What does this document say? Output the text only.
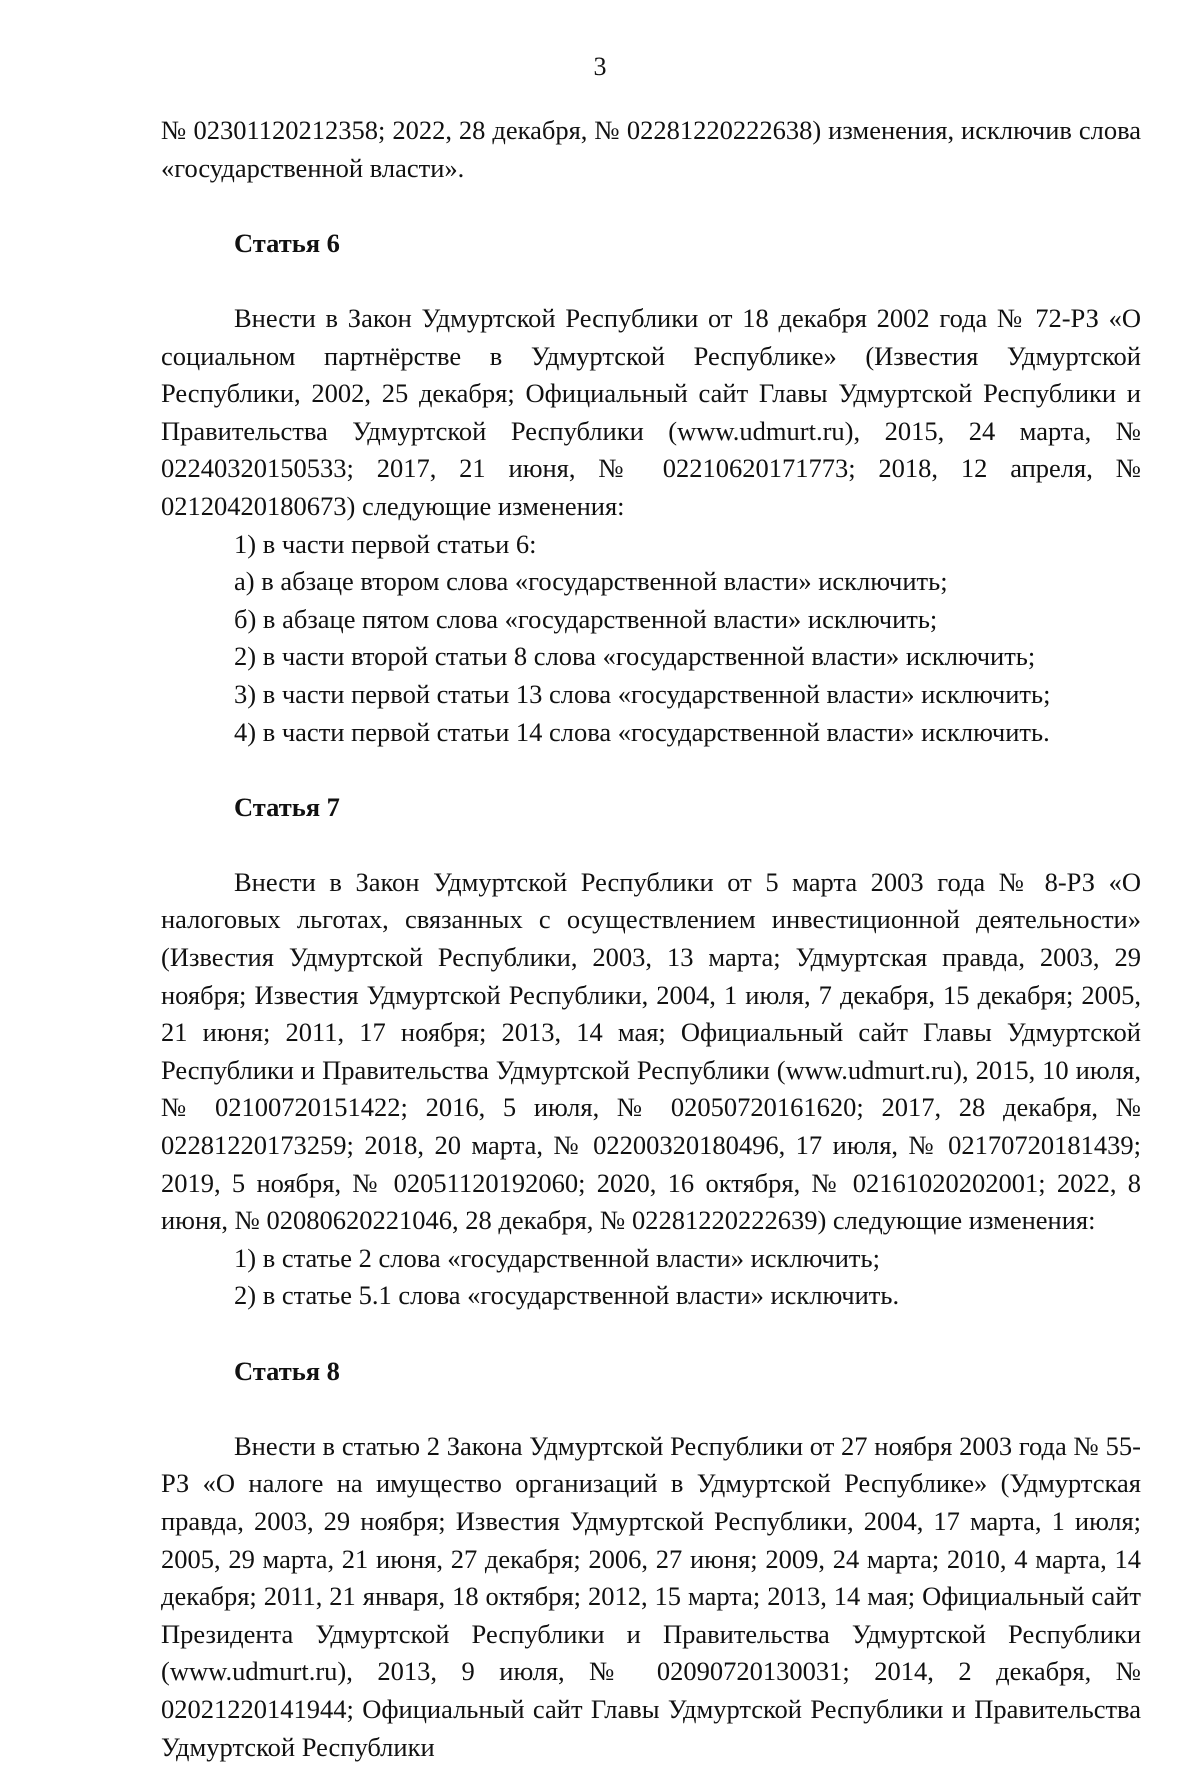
3

№ 02301120212358; 2022, 28 декабря, № 02281220222638) изменения, исключив слова «государственной власти».

Статья 6

Внести в Закон Удмуртской Республики от 18 декабря 2002 года № 72-РЗ «О социальном партнёрстве в Удмуртской Республике» (Известия Удмуртской Республики, 2002, 25 декабря; Официальный сайт Главы Удмуртской Республики и Правительства Удмуртской Республики (www.udmurt.ru), 2015, 24 марта, № 02240320150533; 2017, 21 июня, № 02210620171773; 2018, 12 апреля, № 02120420180673) следующие изменения:

1) в части первой статьи 6:

а) в абзаце втором слова «государственной власти» исключить;

б) в абзаце пятом слова «государственной власти» исключить;

2) в части второй статьи 8 слова «государственной власти» исключить;

3) в части первой статьи 13 слова «государственной власти» исключить;

4) в части первой статьи 14 слова «государственной власти» исключить.

Статья 7

Внести в Закон Удмуртской Республики от 5 марта 2003 года № 8-РЗ «О налоговых льготах, связанных с осуществлением инвестиционной деятельности» (Известия Удмуртской Республики, 2003, 13 марта; Удмуртская правда, 2003, 29 ноября; Известия Удмуртской Республики, 2004, 1 июля, 7 декабря, 15 декабря; 2005, 21 июня; 2011, 17 ноября; 2013, 14 мая; Официальный сайт Главы Удмуртской Республики и Правительства Удмуртской Республики (www.udmurt.ru), 2015, 10 июля, № 02100720151422; 2016, 5 июля, № 02050720161620; 2017, 28 декабря, № 02281220173259; 2018, 20 марта, № 02200320180496, 17 июля, № 02170720181439; 2019, 5 ноября, № 02051120192060; 2020, 16 октября, № 02161020202001; 2022, 8 июня, № 02080620221046, 28 декабря, № 02281220222639) следующие изменения:

1) в статье 2 слова «государственной власти» исключить;

2) в статье 5.1 слова «государственной власти» исключить.

Статья 8

Внести в статью 2 Закона Удмуртской Республики от 27 ноября 2003 года № 55-РЗ «О налоге на имущество организаций в Удмуртской Республике» (Удмуртская правда, 2003, 29 ноября; Известия Удмуртской Республики, 2004, 17 марта, 1 июля; 2005, 29 марта, 21 июня, 27 декабря; 2006, 27 июня; 2009, 24 марта; 2010, 4 марта, 14 декабря; 2011, 21 января, 18 октября; 2012, 15 марта; 2013, 14 мая; Официальный сайт Президента Удмуртской Республики и Правительства Удмуртской Республики (www.udmurt.ru), 2013, 9 июля, № 02090720130031; 2014, 2 декабря, № 02021220141944; Официальный сайт Главы Удмуртской Республики и Правительства Удмуртской Республики
